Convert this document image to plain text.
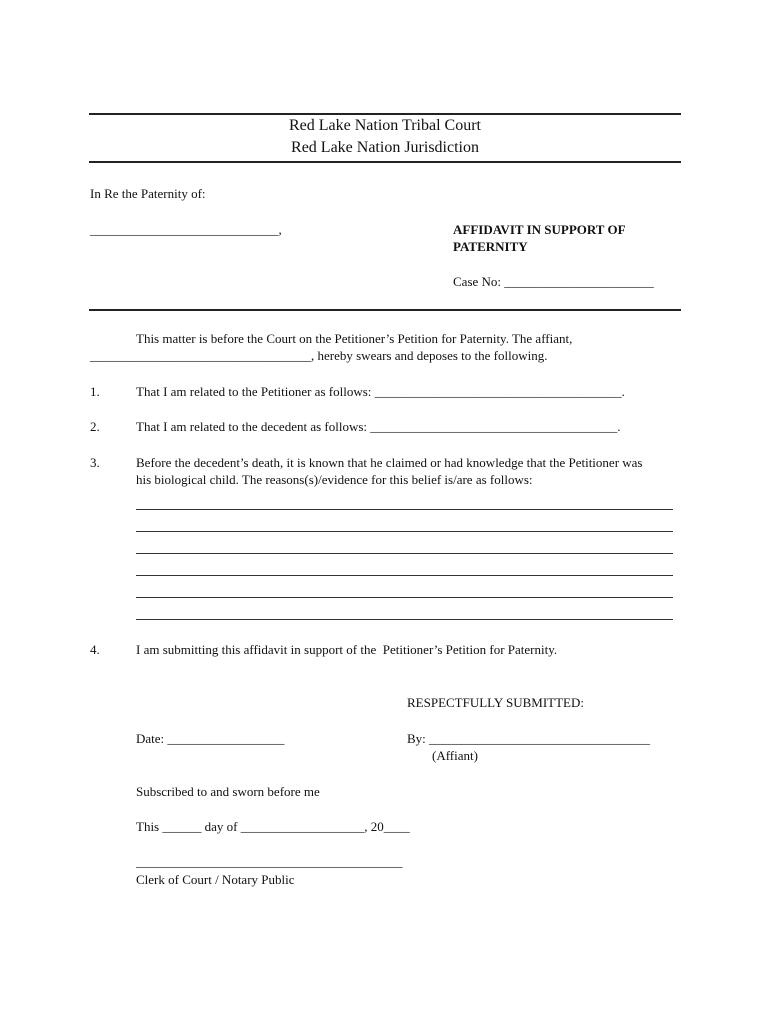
Red Lake Nation Tribal Court
Red Lake Nation Jurisdiction
In Re the Paternity of:
_____________________________,	AFFIDAVIT IN SUPPORT OF
PATERNITY
Case No: _______________________
This matter is before the Court on the Petitioner’s Petition for Paternity. The affiant,
__________________________________, hereby swears and deposes to the following.
1.	That I am related to the Petitioner as follows: ______________________________________.
2.	That I am related to the decedent as follows: ______________________________________.
3.	Before the decedent’s death, it is known that he claimed or had knowledge that the Petitioner was
his biological child. The reasons(s)/evidence for this belief is/are as follows:
4.	I am submitting this affidavit in support of the  Petitioner’s Petition for Paternity.
RESPECTFULLY SUBMITTED:
Date: __________________	By: __________________________________
(Affiant)
Subscribed to and sworn before me
This ______ day of ___________________, 20____
_________________________________________
Clerk of Court / Notary Public
